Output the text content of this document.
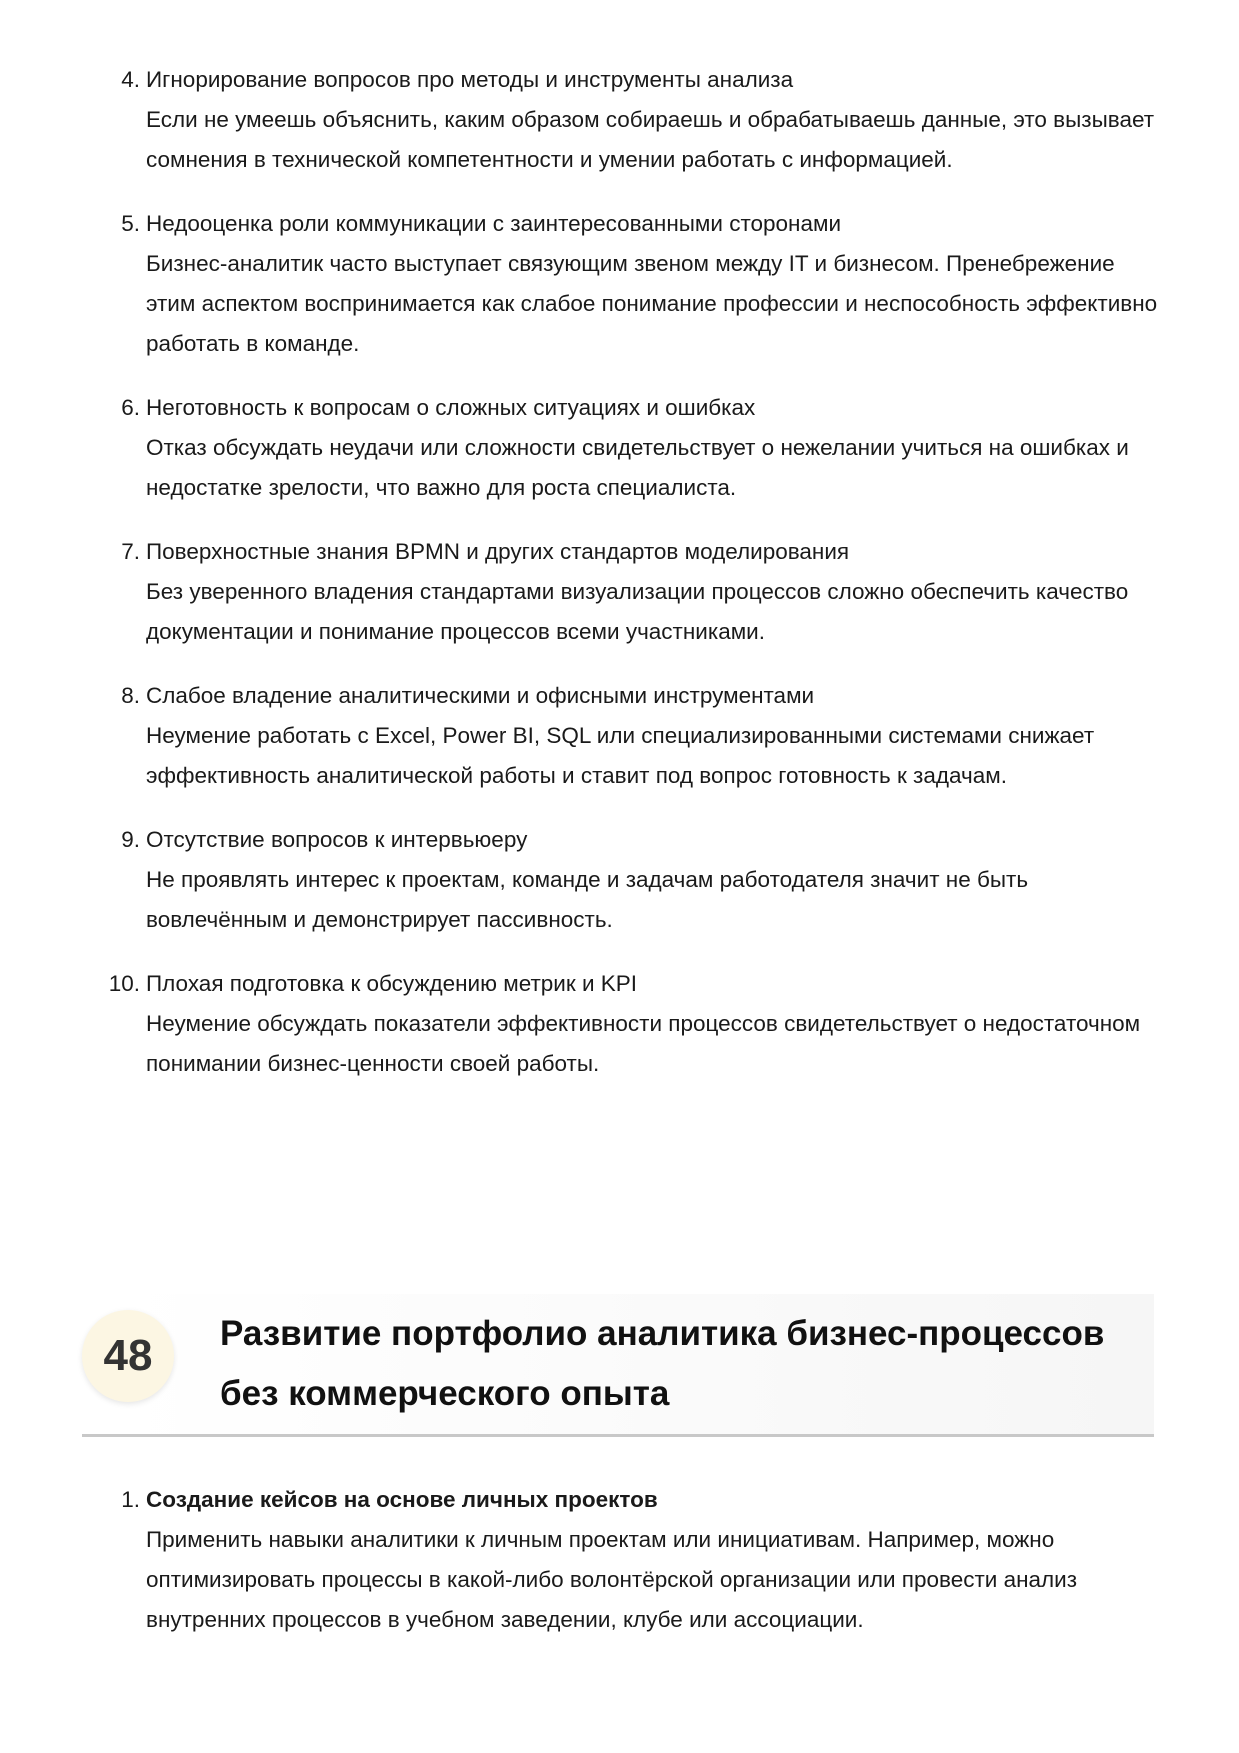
4. Игнорирование вопросов про методы и инструменты анализа
Если не умеешь объяснить, каким образом собираешь и обрабатываешь данные, это вызывает сомнения в технической компетентности и умении работать с информацией.
5. Недооценка роли коммуникации с заинтересованными сторонами
Бизнес-аналитик часто выступает связующим звеном между IT и бизнесом. Пренебрежение этим аспектом воспринимается как слабое понимание профессии и неспособность эффективно работать в команде.
6. Неготовность к вопросам о сложных ситуациях и ошибках
Отказ обсуждать неудачи или сложности свидетельствует о нежелании учиться на ошибках и недостатке зрелости, что важно для роста специалиста.
7. Поверхностные знания BPMN и других стандартов моделирования
Без уверенного владения стандартами визуализации процессов сложно обеспечить качество документации и понимание процессов всеми участниками.
8. Слабое владение аналитическими и офисными инструментами
Неумение работать с Excel, Power BI, SQL или специализированными системами снижает эффективность аналитической работы и ставит под вопрос готовность к задачам.
9. Отсутствие вопросов к интервьюеру
Не проявлять интерес к проектам, команде и задачам работодателя значит не быть вовлечённым и демонстрирует пассивность.
10. Плохая подготовка к обсуждению метрик и KPI
Неумение обсуждать показатели эффективности процессов свидетельствует о недостаточном понимании бизнес-ценности своей работы.
48	Развитие портфолио аналитика бизнес-процессов без коммерческого опыта
1. Создание кейсов на основе личных проектов
Применить навыки аналитики к личным проектам или инициативам. Например, можно оптимизировать процессы в какой-либо волонтёрской организации или провести анализ внутренних процессов в учебном заведении, клубе или ассоциации.
